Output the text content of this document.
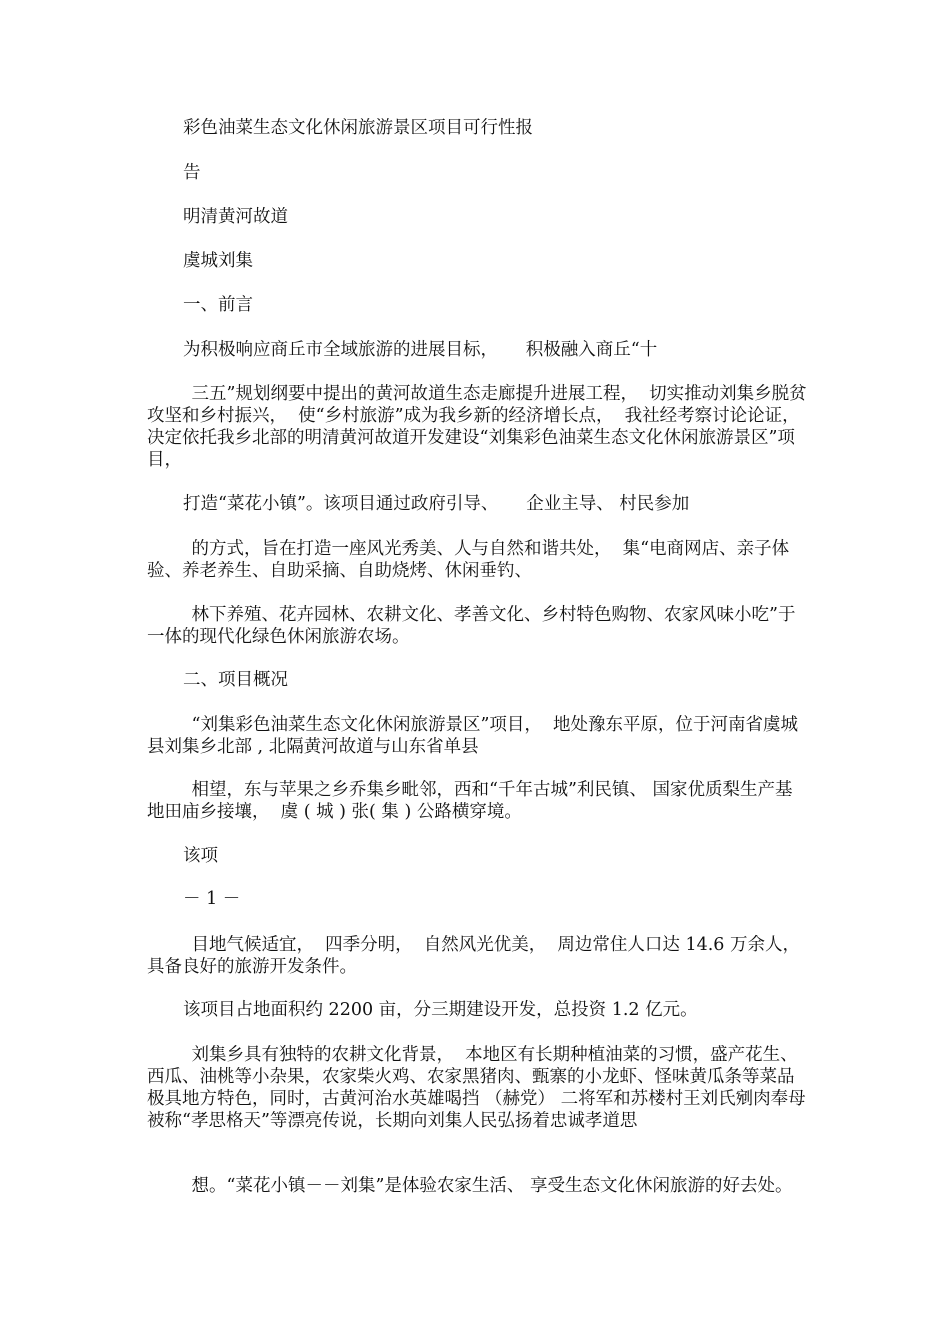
彩色油菜生态文化休闲旅游景区项目可行性报

告

明清黄河故道

虞城刘集

一、前言

为积极响应商丘市全域旅游的进展目标，     积极融入商丘“十

三五”规划纲要中提出的黄河故道生态走廊提升进展工程，  切实推动刘集乡脱贫攻坚和乡村振兴，  使“乡村旅游”成为我乡新的经济增长点，  我社经考察讨论论证，  决定依托我乡北部的明清黄河故道开发建设“刘集彩色油菜生态文化休闲旅游景区”项目，

打造“菜花小镇”。该项目通过政府引导、     企业主导、 村民参加

的方式，旨在打造一座风光秀美、人与自然和谐共处，  集“电商网店、亲子体验、养老养生、自助采摘、自助烧烤、休闲垂钓、

林下养殖、花卉园林、农耕文化、孝善文化、乡村特色购物、农家风味小吃”于一体的现代化绿色休闲旅游农场。

二、项目概况

“刘集彩色油菜生态文化休闲旅游景区”项目，  地处豫东平原，位于河南省虞城县刘集乡北部 , 北隔黄河故道与山东省单县

相望，东与苹果之乡乔集乡毗邻，西和“千年古城”利民镇、 国家优质梨生产基地田庙乡接壤，  虞 ( 城 ) 张( 集 ) 公路横穿境。

该项

－ 1 －

目地气候适宜，  四季分明，  自然风光优美，  周边常住人口达 14.6 万余人，  具备良好的旅游开发条件。

该项目占地面积约 2200 亩，分三期建设开发，总投资 1.2 亿元。

刘集乡具有独特的农耕文化背景，  本地区有长期种植油菜的习惯，盛产花生、西瓜、油桃等小杂果，农家柴火鸡、农家黑猪肉、甄寨的小龙虾、怪味黄瓜条等菜品极具地方特色，同时，古黄河治水英雄喝挡 （赫党） 二将军和苏楼村王刘氏剜肉奉母被称“孝思格天”等漂亮传说，长期向刘集人民弘扬着忠诚孝道思

想。“菜花小镇－－刘集”是体验农家生活、 享受生态文化休闲旅游的好去处。
